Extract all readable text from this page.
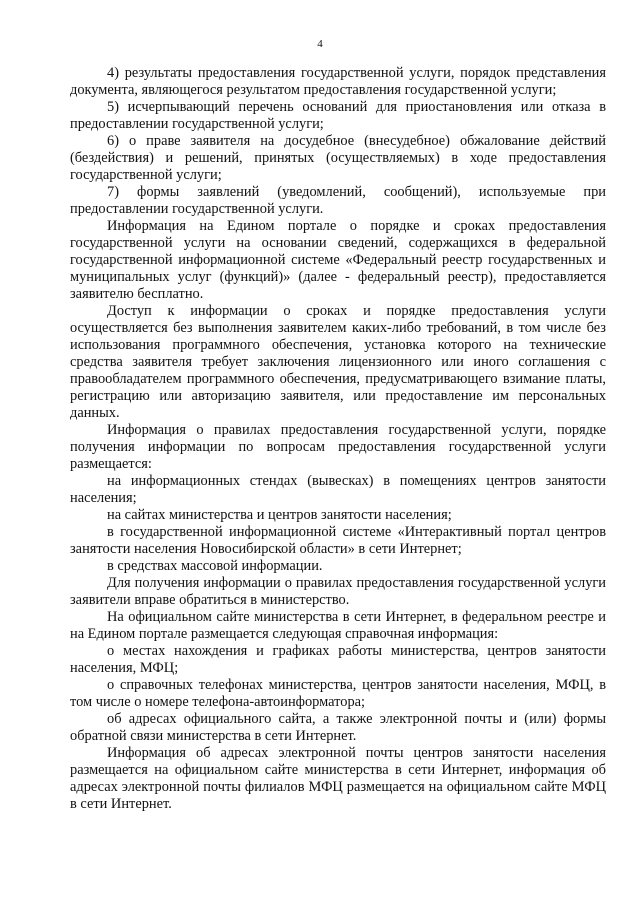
4

4) результаты предоставления государственной услуги, порядок представления документа, являющегося результатом предоставления государственной услуги;

5) исчерпывающий перечень оснований для приостановления или отказа в предоставлении государственной услуги;

6) о праве заявителя на досудебное (внесудебное) обжалование действий (бездействия) и решений, принятых (осуществляемых) в ходе предоставления государственной услуги;

7) формы заявлений (уведомлений, сообщений), используемые при предоставлении государственной услуги.

Информация на Едином портале о порядке и сроках предоставления государственной услуги на основании сведений, содержащихся в федеральной государственной информационной системе «Федеральный реестр государственных и муниципальных услуг (функций)» (далее - федеральный реестр), предоставляется заявителю бесплатно.

Доступ к информации о сроках и порядке предоставления услуги осуществляется без выполнения заявителем каких-либо требований, в том числе без использования программного обеспечения, установка которого на технические средства заявителя требует заключения лицензионного или иного соглашения с правообладателем программного обеспечения, предусматривающего взимание платы, регистрацию или авторизацию заявителя, или предоставление им персональных данных.

Информация о правилах предоставления государственной услуги, порядке получения информации по вопросам предоставления государственной услуги размещается:

на информационных стендах (вывесках) в помещениях центров занятости населения;

на сайтах министерства и центров занятости населения;

в государственной информационной системе «Интерактивный портал центров занятости населения Новосибирской области» в сети Интернет;

в средствах массовой информации.

Для получения информации о правилах предоставления государственной услуги заявители вправе обратиться в министерство.

На официальном сайте министерства в сети Интернет, в федеральном реестре и на Едином портале размещается следующая справочная информация:

о местах нахождения и графиках работы министерства, центров занятости населения, МФЦ;

о справочных телефонах министерства, центров занятости населения, МФЦ, в том числе о номере телефона-автоинформатора;

об адресах официального сайта, а также электронной почты и (или) формы обратной связи министерства в сети Интернет.

Информация об адресах электронной почты центров занятости населения размещается на официальном сайте министерства в сети Интернет, информация об адресах электронной почты филиалов МФЦ размещается на официальном сайте МФЦ в сети Интернет.
